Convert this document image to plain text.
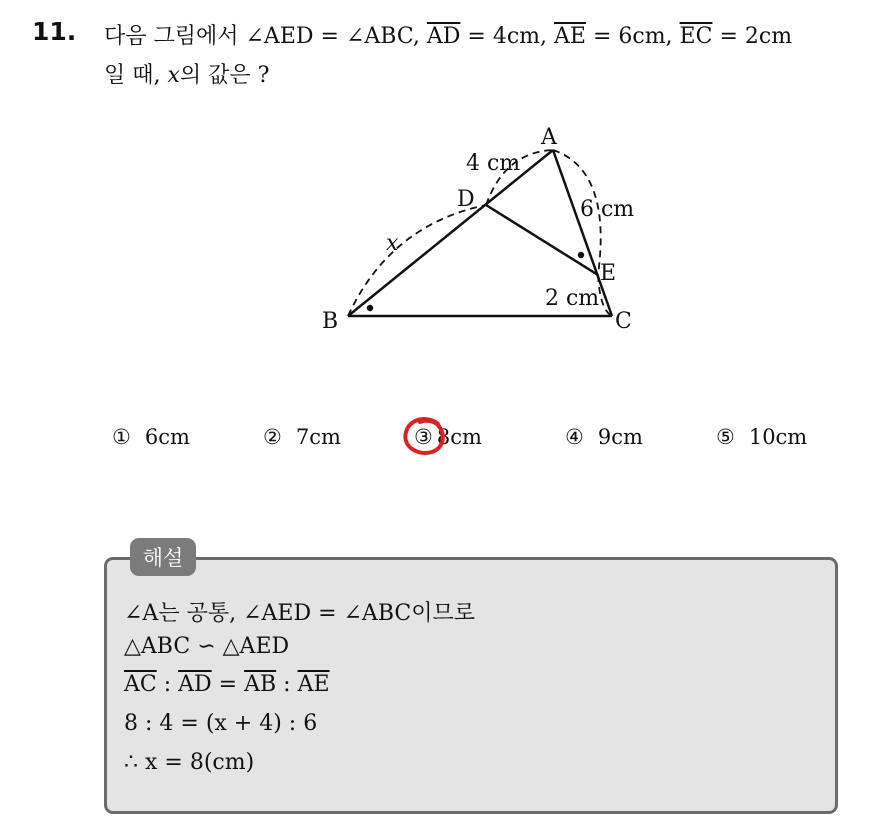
11. 다음 그림에서 ∠AED = ∠ABC, $\overline{AD} = 4cm$, $\overline{AE} = 6cm$, $\overline{EC} = 2cm$
일 때, x의 값은 ?
A
B	C
D
E
x
4 cm
6 cm
2 cm
① 6cm	② 7cm	③ 8cm	④ 9cm	⑤ 10cm
해설
∠A는 공통, ∠AED = ∠ABC이므로
△ABC ∽ △AED
$\overline{AC}$ : $\overline{AD} = \overline{AB}$ : $\overline{AE}$
8 : 4 = (x + 4) : 6
∴ x = 8(cm)
